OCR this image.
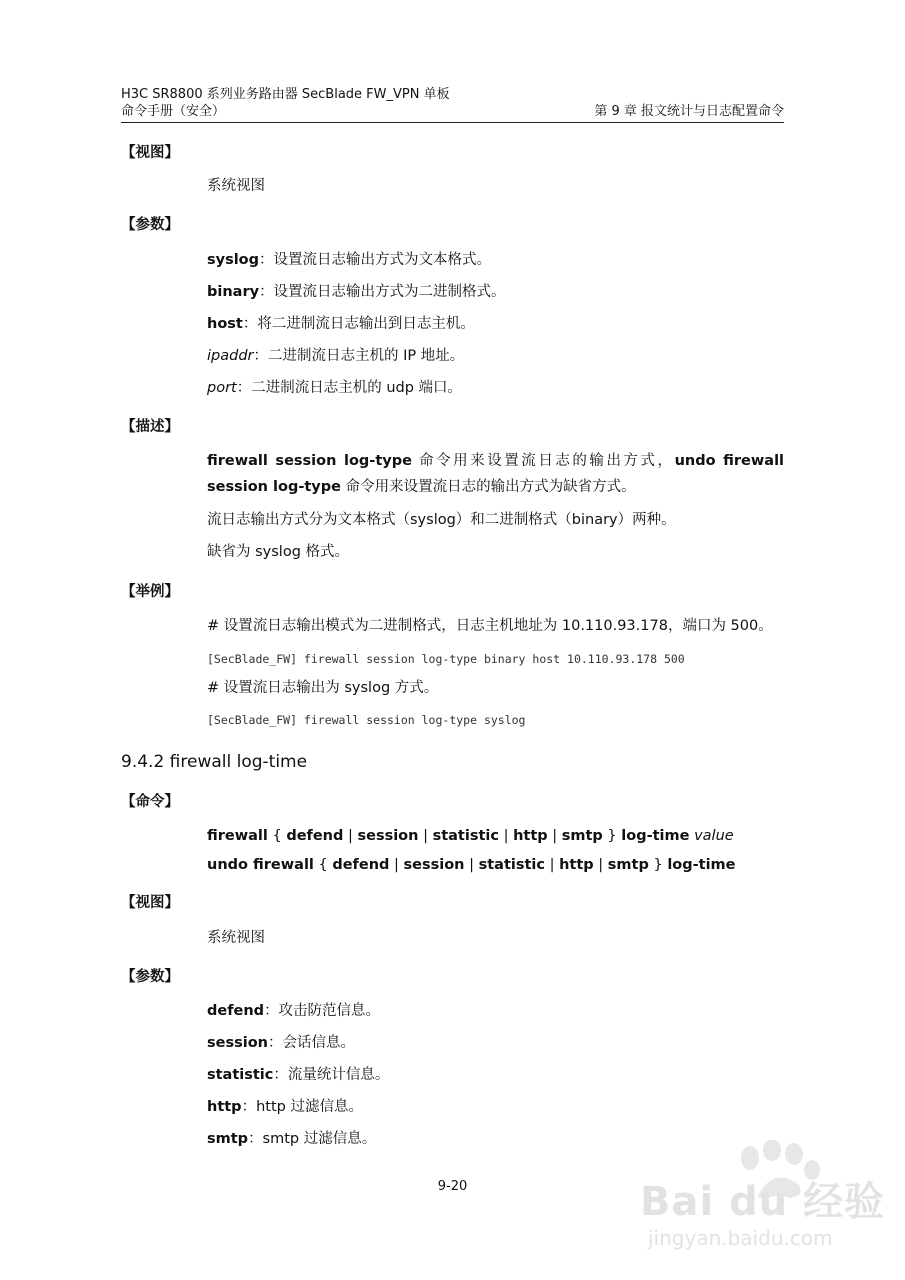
H3C SR8800 系列业务路由器 SecBlade FW_VPN 单板
命令手册（安全）	第 9 章 报文统计与日志配置命令
【视图】
系统视图
【参数】
syslog：设置流日志输出方式为文本格式。
binary：设置流日志输出方式为二进制格式。
host：将二进制流日志输出到日志主机。
ipaddr：二进制流日志主机的 IP 地址。
port：二进制流日志主机的 udp 端口。
【描述】
firewall session log-type 命令用来设置流日志的输出方式，undo firewall session log-type 命令用来设置流日志的输出方式为缺省方式。
流日志输出方式分为文本格式（syslog）和二进制格式（binary）两种。
缺省为 syslog 格式。
【举例】
# 设置流日志输出模式为二进制格式，日志主机地址为 10.110.93.178，端口为 500。
[SecBlade_FW] firewall session log-type binary host 10.110.93.178 500
# 设置流日志输出为 syslog 方式。
[SecBlade_FW] firewall session log-type syslog
9.4.2 firewall log-time
【命令】
firewall { defend | session | statistic | http | smtp } log-time value
undo firewall { defend | session | statistic | http | smtp } log-time
【视图】
系统视图
【参数】
defend：攻击防范信息。
session：会话信息。
statistic：流量统计信息。
http：http 过滤信息。
smtp：smtp 过滤信息。
9-20	Bai du 经验
jingyan.baidu.com
